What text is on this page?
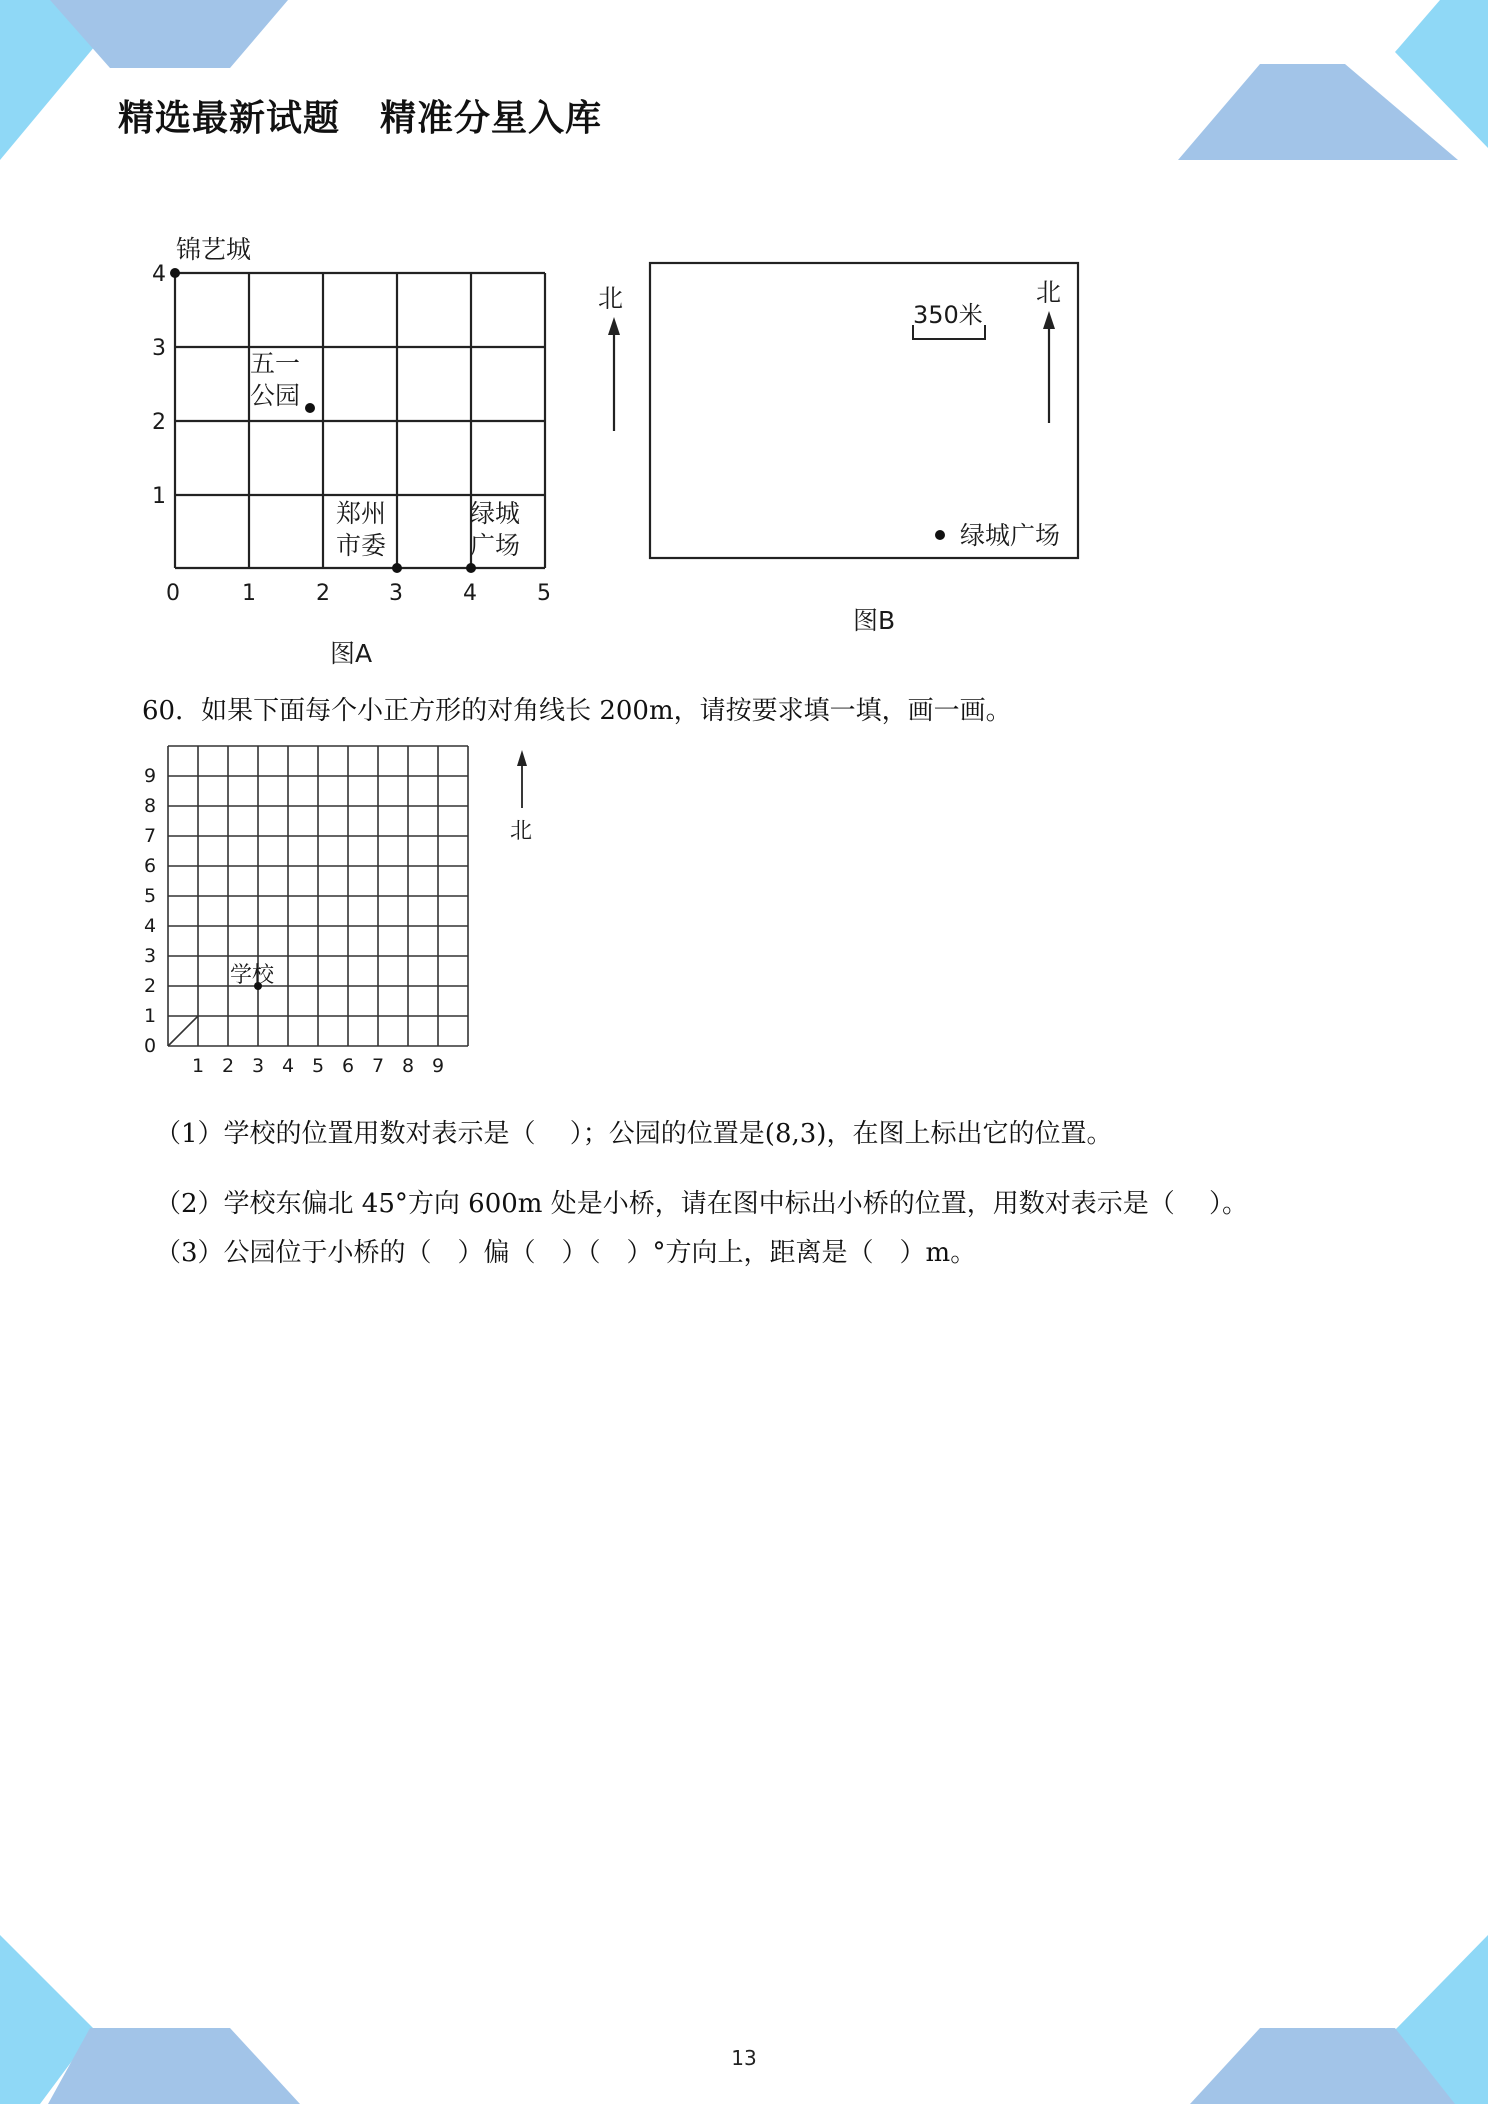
精选最新试题 精准分星入库
0	1	2	3	4	5
1
2
3
4
锦艺城
五一
公园
郑州
市委
绿城
广场
图A
北
350米
北
绿城广场
图B
60．如果下面每个小正方形的对角线长 200m，请按要求填一填，画一画。
0
1
2
3
4
5
6
7
8
9
1 2 3 4 5 6 7 8 9
学校
北
（1）学校的位置用数对表示是（　 ）；公园的位置是(8,3)，在图上标出它的位置。
（2）学校东偏北 45°方向 600m 处是小桥，请在图中标出小桥的位置，用数对表示是（　 ）。
（3）公园位于小桥的（　）偏（　）（　）°方向上，距离是（　）m。
13
